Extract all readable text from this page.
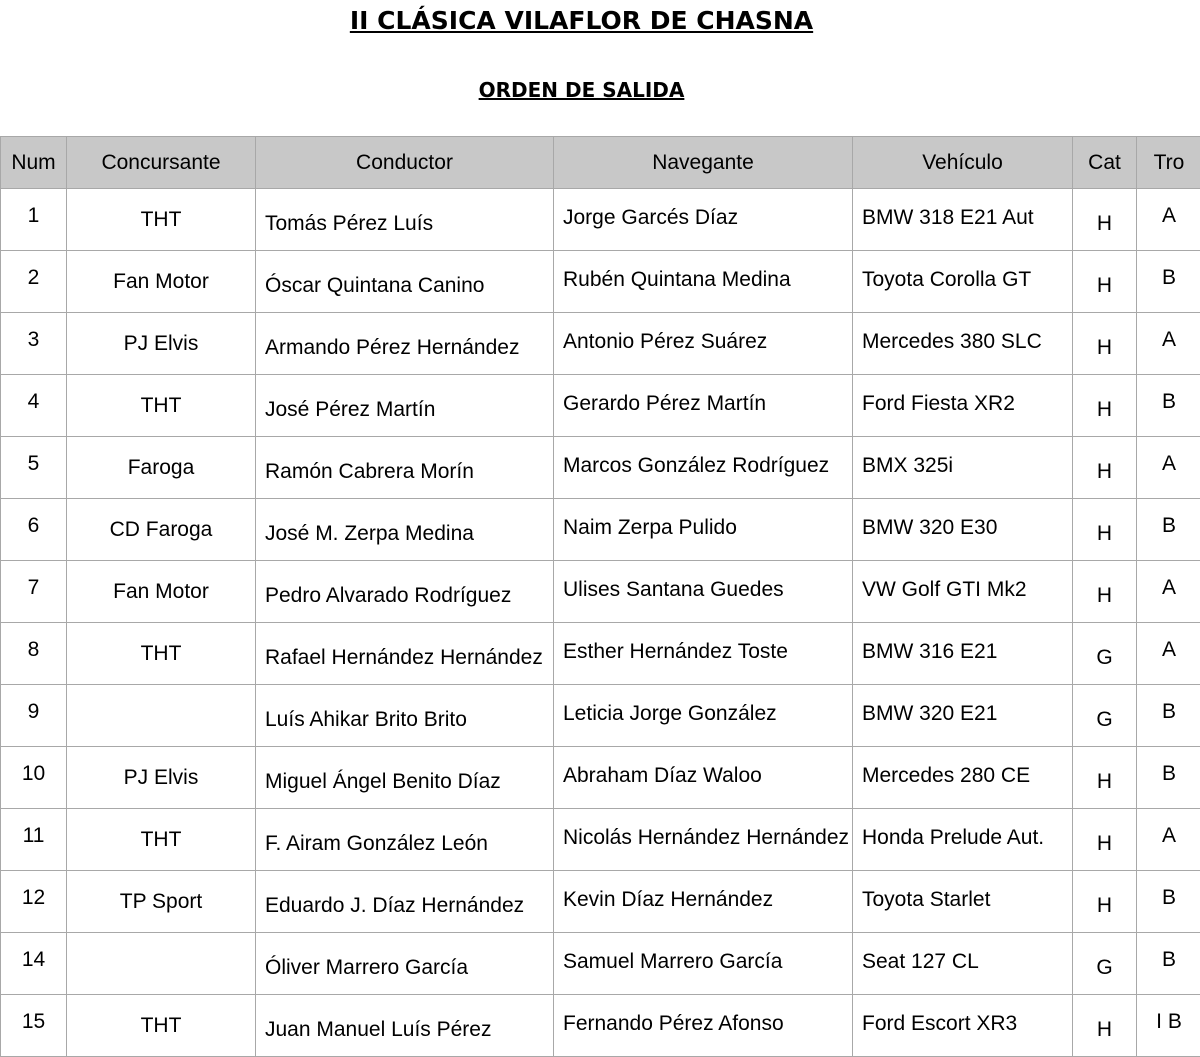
II CLÁSICA VILAFLOR DE CHASNA
ORDEN DE SALIDA
Num	Concursante	Conductor	Navegante	Vehículo	Cat	Tro
1	THT	Tomás Pérez Luís	Jorge Garcés Díaz	BMW 318 E21 Aut	H	A
2	Fan Motor	Óscar Quintana Canino	Rubén Quintana Medina	Toyota Corolla GT	H	B
3	PJ Elvis	Armando Pérez Hernández	Antonio Pérez Suárez	Mercedes 380 SLC	H	A
4	THT	José Pérez Martín	Gerardo Pérez Martín	Ford Fiesta XR2	H	B
5	Faroga	Ramón Cabrera Morín	Marcos González Rodríguez	BMX 325i	H	A
6	CD Faroga	José M. Zerpa Medina	Naim Zerpa Pulido	BMW 320 E30	H	B
7	Fan Motor	Pedro Alvarado Rodríguez	Ulises Santana Guedes	VW Golf GTI Mk2	H	A
8	THT	Rafael Hernández Hernández	Esther Hernández Toste	BMW 316 E21	G	A
9		Luís Ahikar Brito Brito	Leticia Jorge González	BMW 320 E21	G	B
10	PJ Elvis	Miguel Ángel Benito Díaz	Abraham Díaz Waloo	Mercedes 280 CE	H	B
11	THT	F. Airam González León	Nicolás Hernández Hernández	Honda Prelude Aut.	H	A
12	TP Sport	Eduardo J. Díaz Hernández	Kevin Díaz Hernández	Toyota Starlet	H	B
14		Óliver Marrero García	Samuel Marrero García	Seat 127 CL	G	B
15	THT	Juan Manuel Luís Pérez	Fernando Pérez Afonso	Ford Escort XR3	H	I B
